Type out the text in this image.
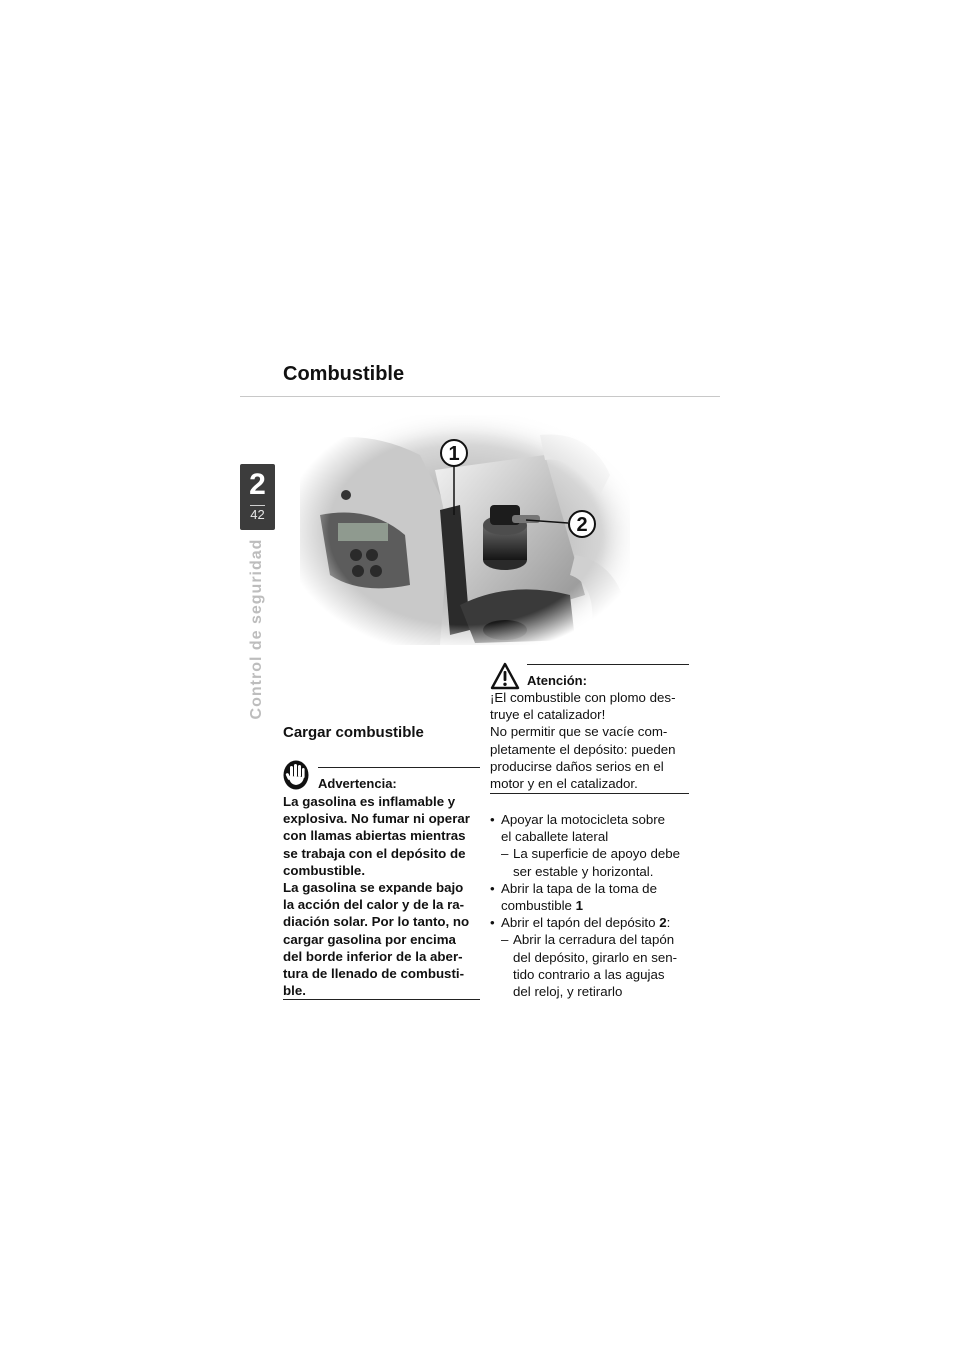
2
42
Control de seguridad
Combustible
1
2
Cargar combustible
Advertencia:

La gasolina es inflamable y

explosiva. No fumar ni operar

con llamas abiertas mientras

se trabaja con el depósito de

combustible.

La gasolina se expande bajo

la acción del calor y de la ra-

diación solar. Por lo tanto, no

cargar gasolina por encima

del borde inferior de la aber-

tura de llenado de combusti-

ble.

Atención:

¡El combustible con plomo des-

truye el catalizador!

No permitir que se vacíe com-

pletamente el depósito: pueden

producirse daños serios en el

motor y en el catalizador.

• Apoyar la motocicleta sobre
el caballete lateral
– La superficie de apoyo debe
ser estable y horizontal.
• Abrir la tapa de la toma de
combustible 1
• Abrir el tapón del depósito 2:
– Abrir la cerradura del tapón
del depósito, girarlo en sen-
tido contrario a las agujas
del reloj, y retirarlo
